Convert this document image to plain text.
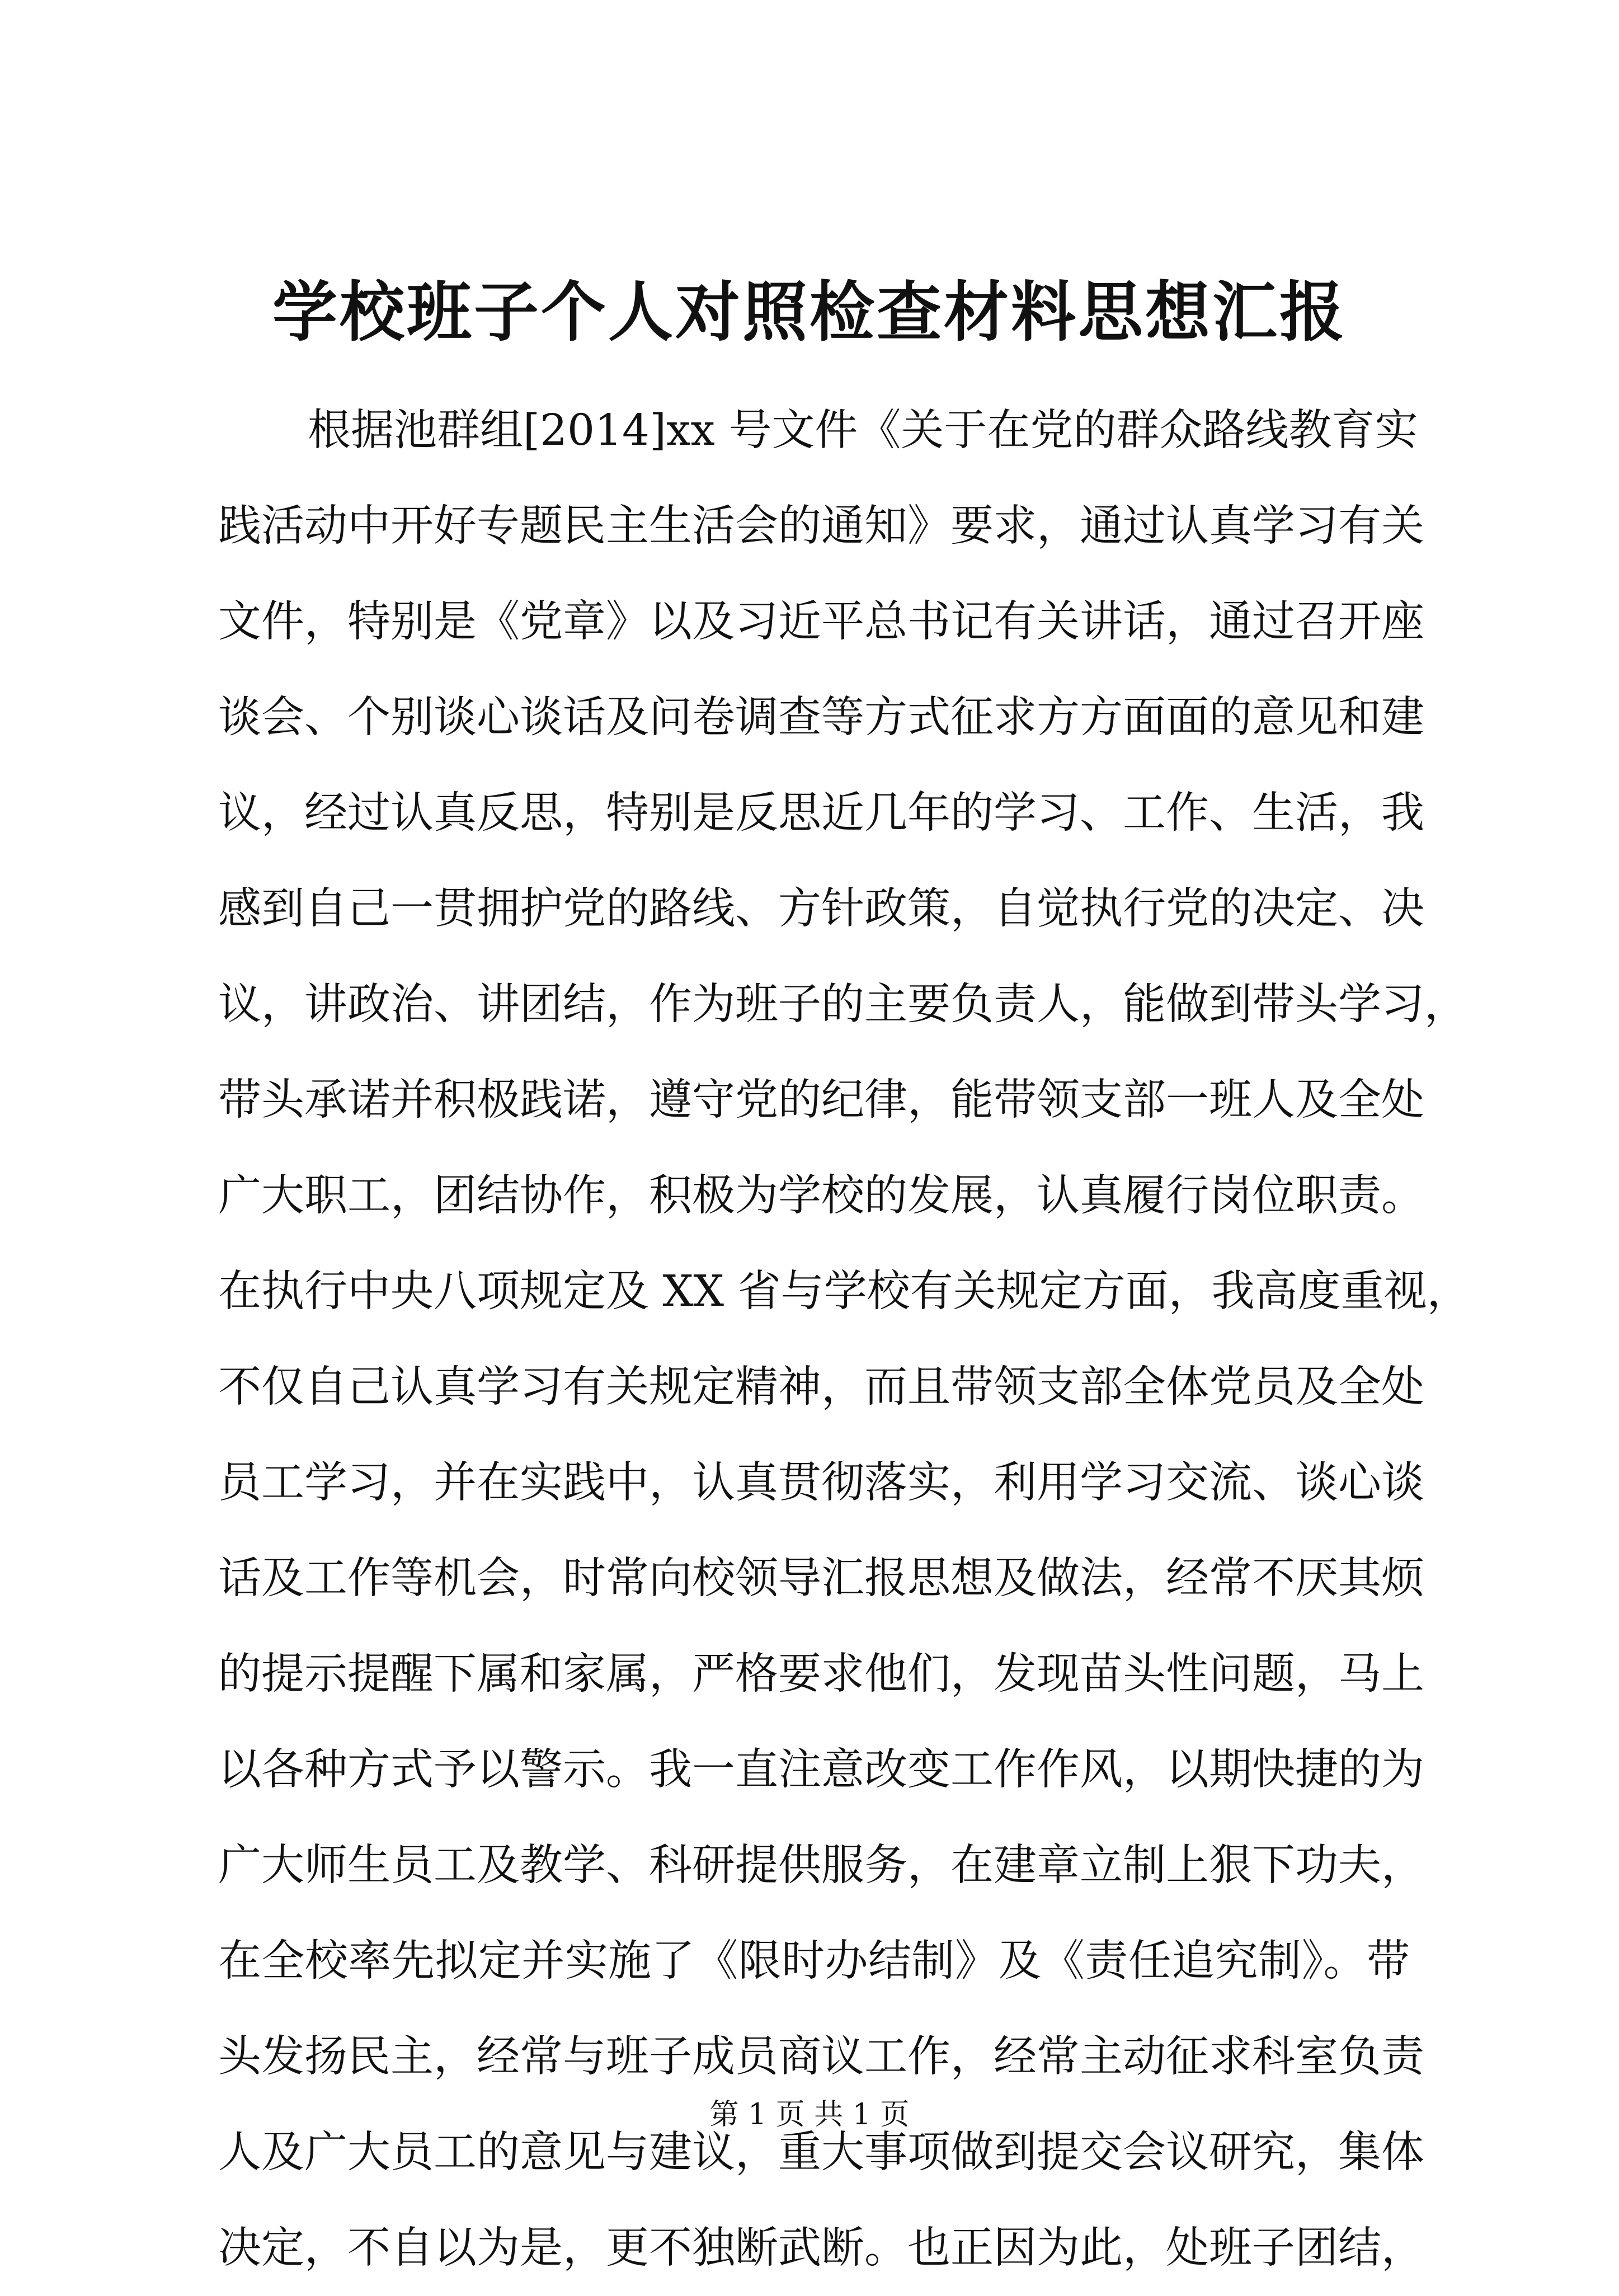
学校班子个人对照检查材料思想汇报
根据池群组[2014]xx 号文件《关于在党的群众路线教育实
践活动中开好专题民主生活会的通知》要求，通过认真学习有关
文件，特别是《党章》以及习近平总书记有关讲话，通过召开座
谈会、个别谈心谈话及问卷调查等方式征求方方面面的意见和建
议，经过认真反思，特别是反思近几年的学习、工作、生活，我
感到自己一贯拥护党的路线、方针政策，自觉执行党的决定、决
议，讲政治、讲团结，作为班子的主要负责人，能做到带头学习，
带头承诺并积极践诺，遵守党的纪律，能带领支部一班人及全处
广大职工，团结协作，积极为学校的发展，认真履行岗位职责。
在执行中央八项规定及 XX 省与学校有关规定方面，我高度重视，
不仅自己认真学习有关规定精神，而且带领支部全体党员及全处
员工学习，并在实践中，认真贯彻落实，利用学习交流、谈心谈
话及工作等机会，时常向校领导汇报思想及做法，经常不厌其烦
的提示提醒下属和家属，严格要求他们，发现苗头性问题，马上
以各种方式予以警示。我一直注意改变工作作风，以期快捷的为
广大师生员工及教学、科研提供服务，在建章立制上狠下功夫，
在全校率先拟定并实施了《限时办结制》及《责任追究制》。带
头发扬民主，经常与班子成员商议工作，经常主动征求科室负责
人及广大员工的意见与建议，重大事项做到提交会议研究，集体
决定，不自以为是，更不独断武断。也正因为此，处班子团结，
第 1 页 共 1 页
